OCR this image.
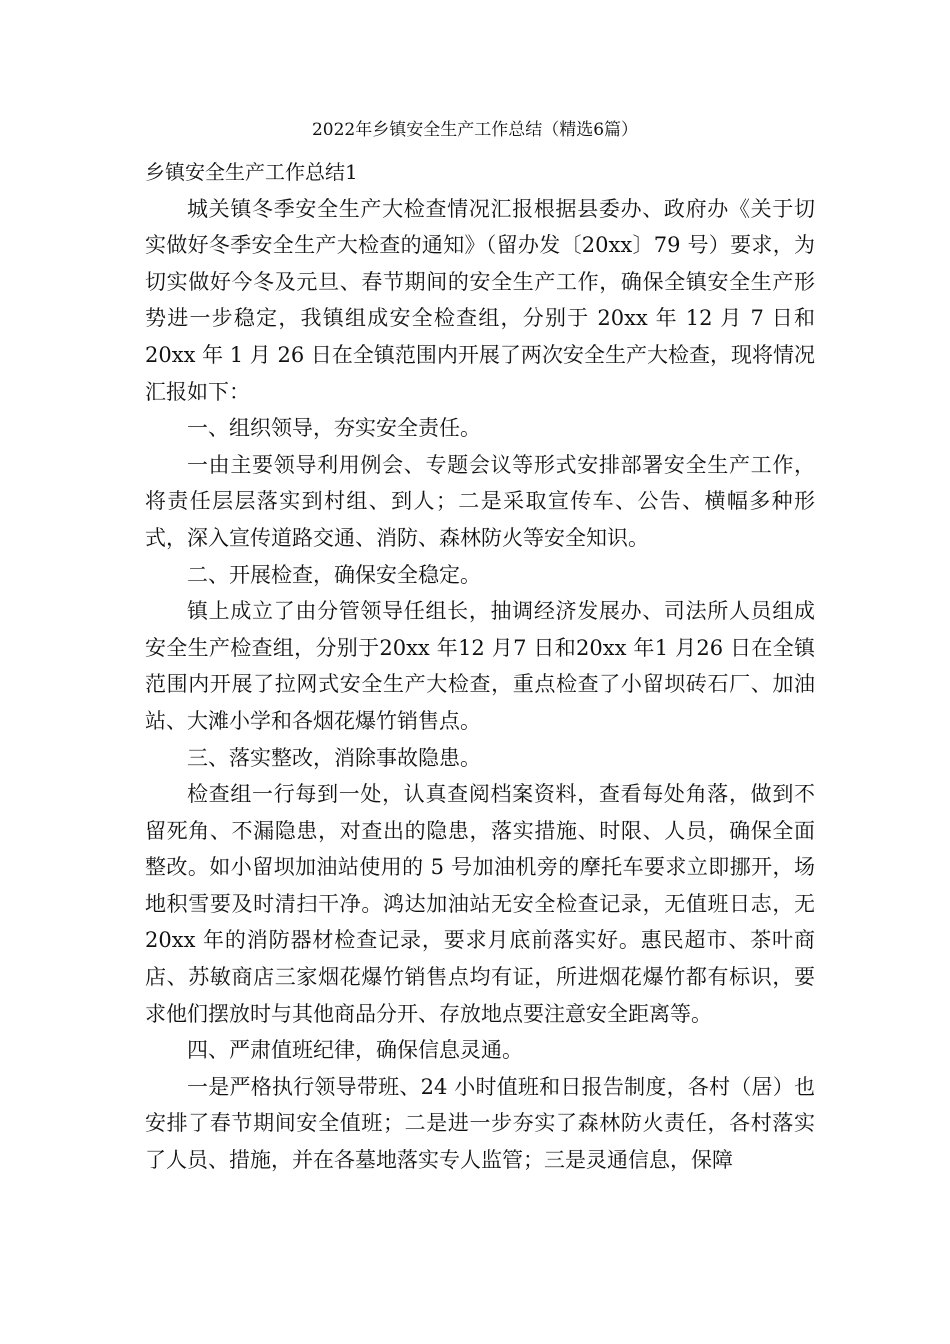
2022年乡镇安全生产工作总结（精选6篇）

乡镇安全生产工作总结1

城关镇冬季安全生产大检查情况汇报根据县委办、政府办《关于切实做好冬季安全生产大检查的通知》（留办发〔20xx〕79 号）要求，为切实做好今冬及元旦、春节期间的安全生产工作，确保全镇安全生产形势进一步稳定，我镇组成安全检查组，分别于 20xx 年 12 月 7 日和 20xx 年 1 月 26 日在全镇范围内开展了两次安全生产大检查，现将情况汇报如下：

一、组织领导，夯实安全责任。

一由主要领导利用例会、专题会议等形式安排部署安全生产工作，将责任层层落实到村组、到人；二是采取宣传车、公告、横幅多种形式，深入宣传道路交通、消防、森林防火等安全知识。

二、开展检查，确保安全稳定。

镇上成立了由分管领导任组长，抽调经济发展办、司法所人员组成安全生产检查组，分别于20xx 年12 月7 日和20xx 年1 月26 日在全镇范围内开展了拉网式安全生产大检查，重点检查了小留坝砖石厂、加油站、大滩小学和各烟花爆竹销售点。

三、落实整改，消除事故隐患。

检查组一行每到一处，认真查阅档案资料，查看每处角落，做到不留死角、不漏隐患，对查出的隐患，落实措施、时限、人员，确保全面整改。如小留坝加油站使用的 5 号加油机旁的摩托车要求立即挪开，场地积雪要及时清扫干净。鸿达加油站无安全检查记录，无值班日志，无20xx 年的消防器材检查记录，要求月底前落实好。惠民超市、茶叶商店、苏敏商店三家烟花爆竹销售点均有证，所进烟花爆竹都有标识，要求他们摆放时与其他商品分开、存放地点要注意安全距离等。

四、严肃值班纪律，确保信息灵通。

一是严格执行领导带班、24 小时值班和日报告制度，各村（居）也安排了春节期间安全值班；二是进一步夯实了森林防火责任，各村落实了人员、措施，并在各墓地落实专人监管；三是灵通信息，保障
